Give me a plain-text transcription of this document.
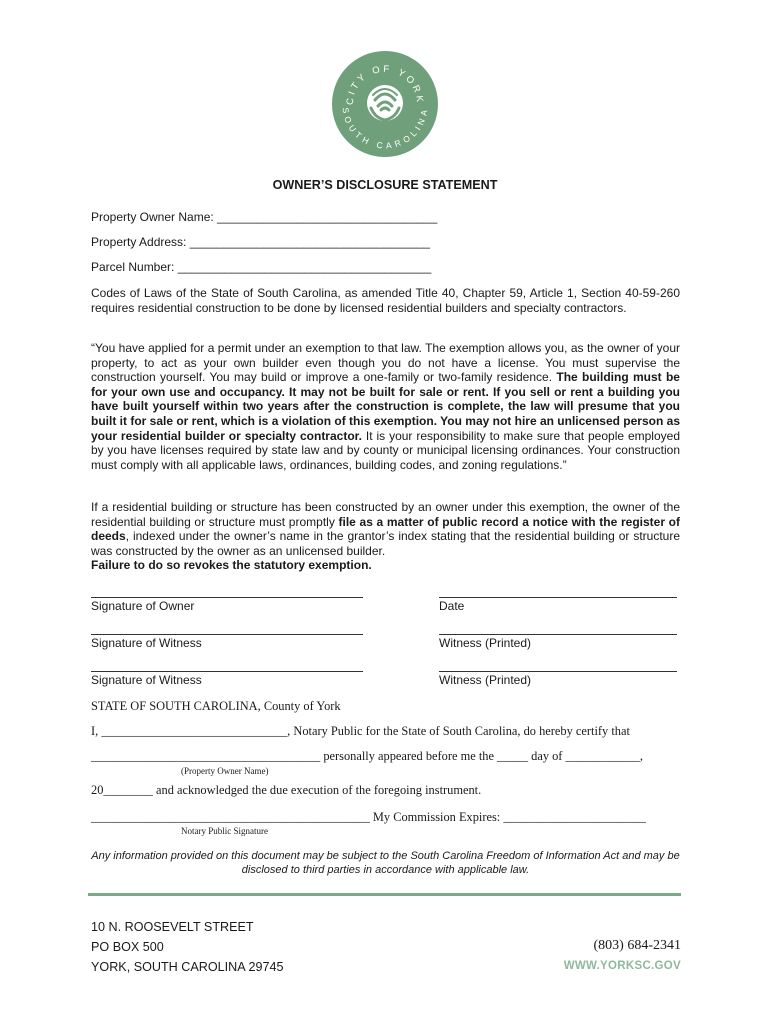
CITY OF YORK
SOUTH CAROLINA
OWNER’S DISCLOSURE STATEMENT
Property Owner Name: _________________________________
Property Address: ____________________________________
Parcel Number: ______________________________________
Codes of Laws of the State of South Carolina, as amended Title 40, Chapter 59, Article 1, Section 40-59-260 requires residential construction to be done by licensed residential builders and specialty contractors.
“You have applied for a permit under an exemption to that law. The exemption allows you, as the owner of your property, to act as your own builder even though you do not have a license. You must supervise the construction yourself. You may build or improve a one-family or two-family residence. The building must be for your own use and occupancy. It may not be built for sale or rent. If you sell or rent a building you have built yourself within two years after the construction is complete, the law will presume that you built it for sale or rent, which is a violation of this exemption. You may not hire an unlicensed person as your residential builder or specialty contractor. It is your responsibility to make sure that people employed by you have licenses required by state law and by county or municipal licensing ordinances. Your construction must comply with all applicable laws, ordinances, building codes, and zoning regulations.”
If a residential building or structure has been constructed by an owner under this exemption, the owner of the residential building or structure must promptly file as a matter of public record a notice with the register of deeds, indexed under the owner’s name in the grantor’s index stating that the residential building or structure was constructed by the owner as an unlicensed builder.
Failure to do so revokes the statutory exemption.
Signature of Owner	Date
Signature of Witness	Witness (Printed)
Signature of Witness	Witness (Printed)
STATE OF SOUTH CAROLINA, County of York
I, ______________________________, Notary Public for the State of South Carolina, do hereby certify that
_____________________________________ personally appeared before me the _____ day of ____________,
(Property Owner Name)
20________ and acknowledged the due execution of the foregoing instrument.
_____________________________________________ My Commission Expires: _______________________
Notary Public Signature
Any information provided on this document may be subject to the South Carolina Freedom of Information Act and may be disclosed to third parties in accordance with applicable law.
10 N. ROOSEVELT STREET
PO BOX 500
YORK, SOUTH CAROLINA 29745
(803) 684-2341
WWW.YORKSC.GOV
